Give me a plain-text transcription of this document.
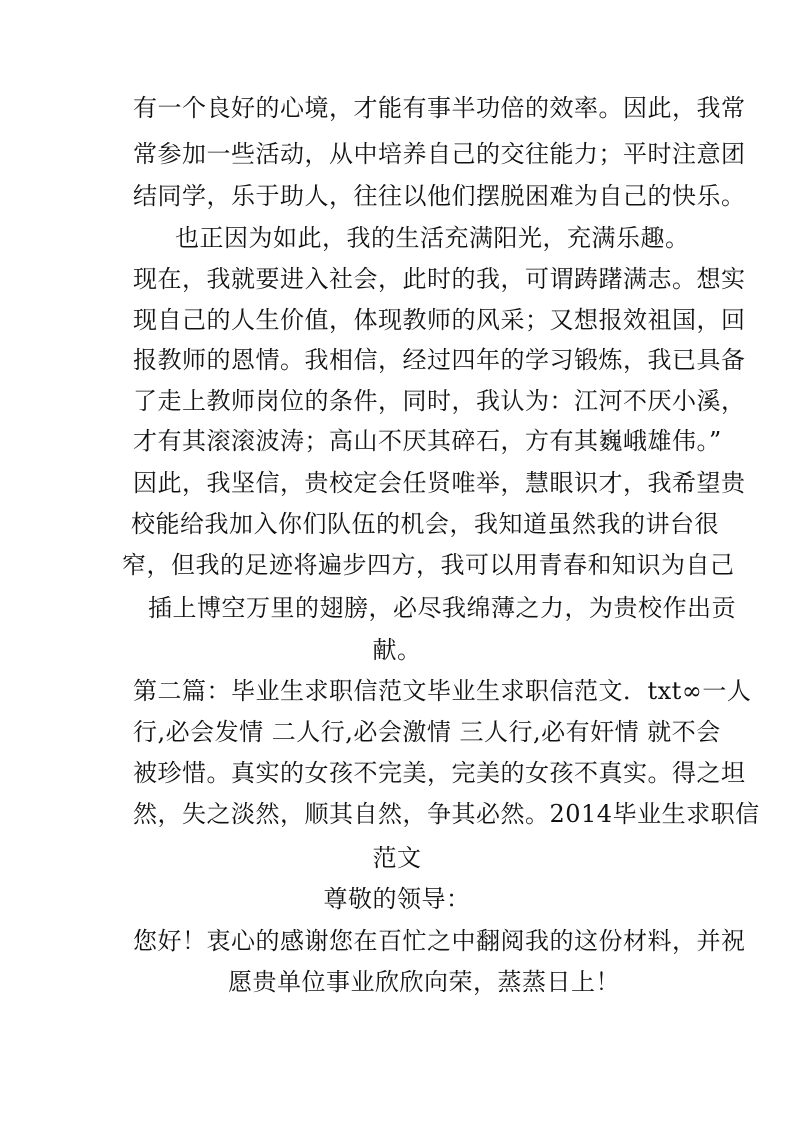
有一个良好的心境，才能有事半功倍的效率。因此，我常
常参加一些活动，从中培养自己的交往能力；平时注意团
结同学，乐于助人，往往以他们摆脱困难为自己的快乐。
也正因为如此，我的生活充满阳光，充满乐趣。
现在，我就要进入社会，此时的我，可谓踌躇满志。想实
现自己的人生价值，体现教师的风采；又想报效祖国，回
报教师的恩情。我相信，经过四年的学习锻炼，我已具备
了走上教师岗位的条件，同时，我认为：江河不厌小溪，
才有其滚滚波涛；高山不厌其碎石，方有其巍峨雄伟。”
因此，我坚信，贵校定会任贤唯举，慧眼识才，我希望贵
校能给我加入你们队伍的机会，我知道虽然我的讲台很
窄，但我的足迹将遍步四方，我可以用青春和知识为自己
插上博空万里的翅膀，必尽我绵薄之力，为贵校作出贡
献。
第二篇：毕业生求职信范文毕业生求职信范文．txt∞一人
行,必会发情 二人行,必会激情 三人行,必有奸情 就不会
被珍惜。真实的女孩不完美，完美的女孩不真实。得之坦
然，失之淡然，顺其自然，争其必然。2014毕业生求职信
范文
尊敬的领导：
您好！衷心的感谢您在百忙之中翻阅我的这份材料，并祝
愿贵单位事业欣欣向荣，蒸蒸日上！
